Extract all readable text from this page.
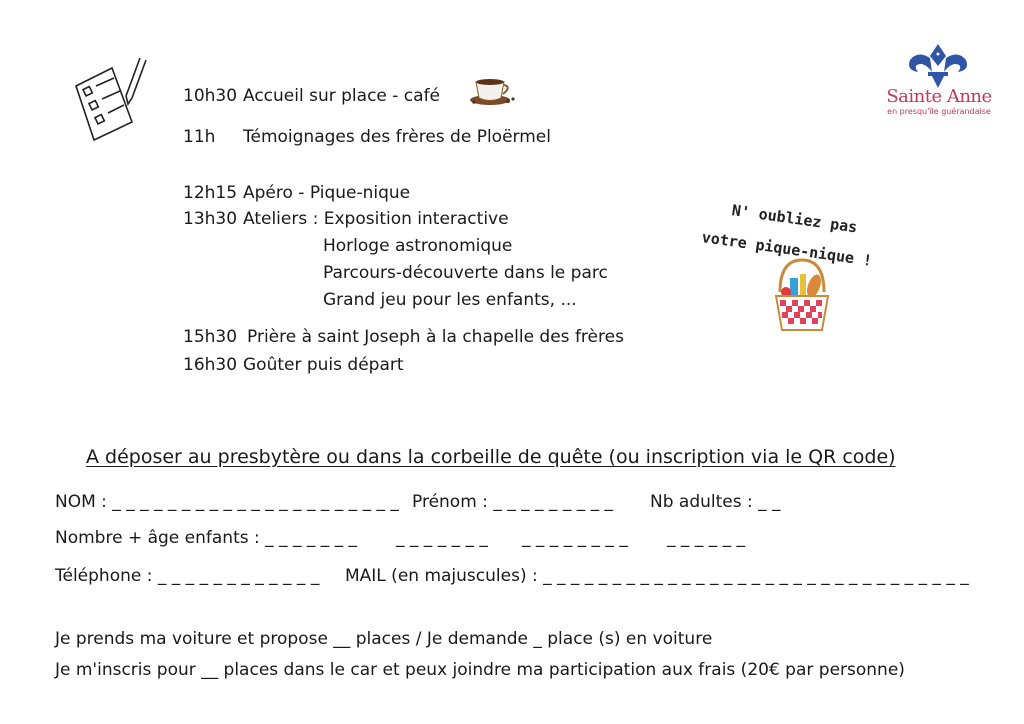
10h30 Accueil sur place - café
11h Témoignages des frères de Ploërmel
12h15 Apéro - Pique-nique
13h30 Ateliers : Exposition interactive
Horloge astronomique
Parcours-découverte dans le parc
Grand jeu pour les enfants, ...
15h30 Prière à saint Joseph à la chapelle des frères
16h30 Goûter puis départ
Sainte Anne
en presqu'île guérandaise
N' oubliez pas
votre pique-nique !
A déposer au presbytère ou dans la corbeille de quête (ou inscription via le QR code)
NOM : _ _ _ _ _ _ _ _ _ _ _ _ _ _ _ _ _ _ _ _ _ Prénom : _ _ _ _ _ _ _ _ _ Nb adultes : _ _
Nombre + âge enfants : _ _ _ _ _ _ _ _ _ _ _ _ _ _ _ _ _ _ _ _ _ _ _ _ _ _ _ _
Téléphone : _ _ _ _ _ _ _ _ _ _ _ _ MAIL (en majuscules) : _ _ _ _ _ _ _ _ _ _ _ _ _ _ _ _ _ _ _ _ _ _ _ _ _ _ _ _ _ _ _
Je prends ma voiture et propose __ places / Je demande _ place (s) en voiture
Je m'inscris pour __ places dans le car et peux joindre ma participation aux frais (20€ par personne)
